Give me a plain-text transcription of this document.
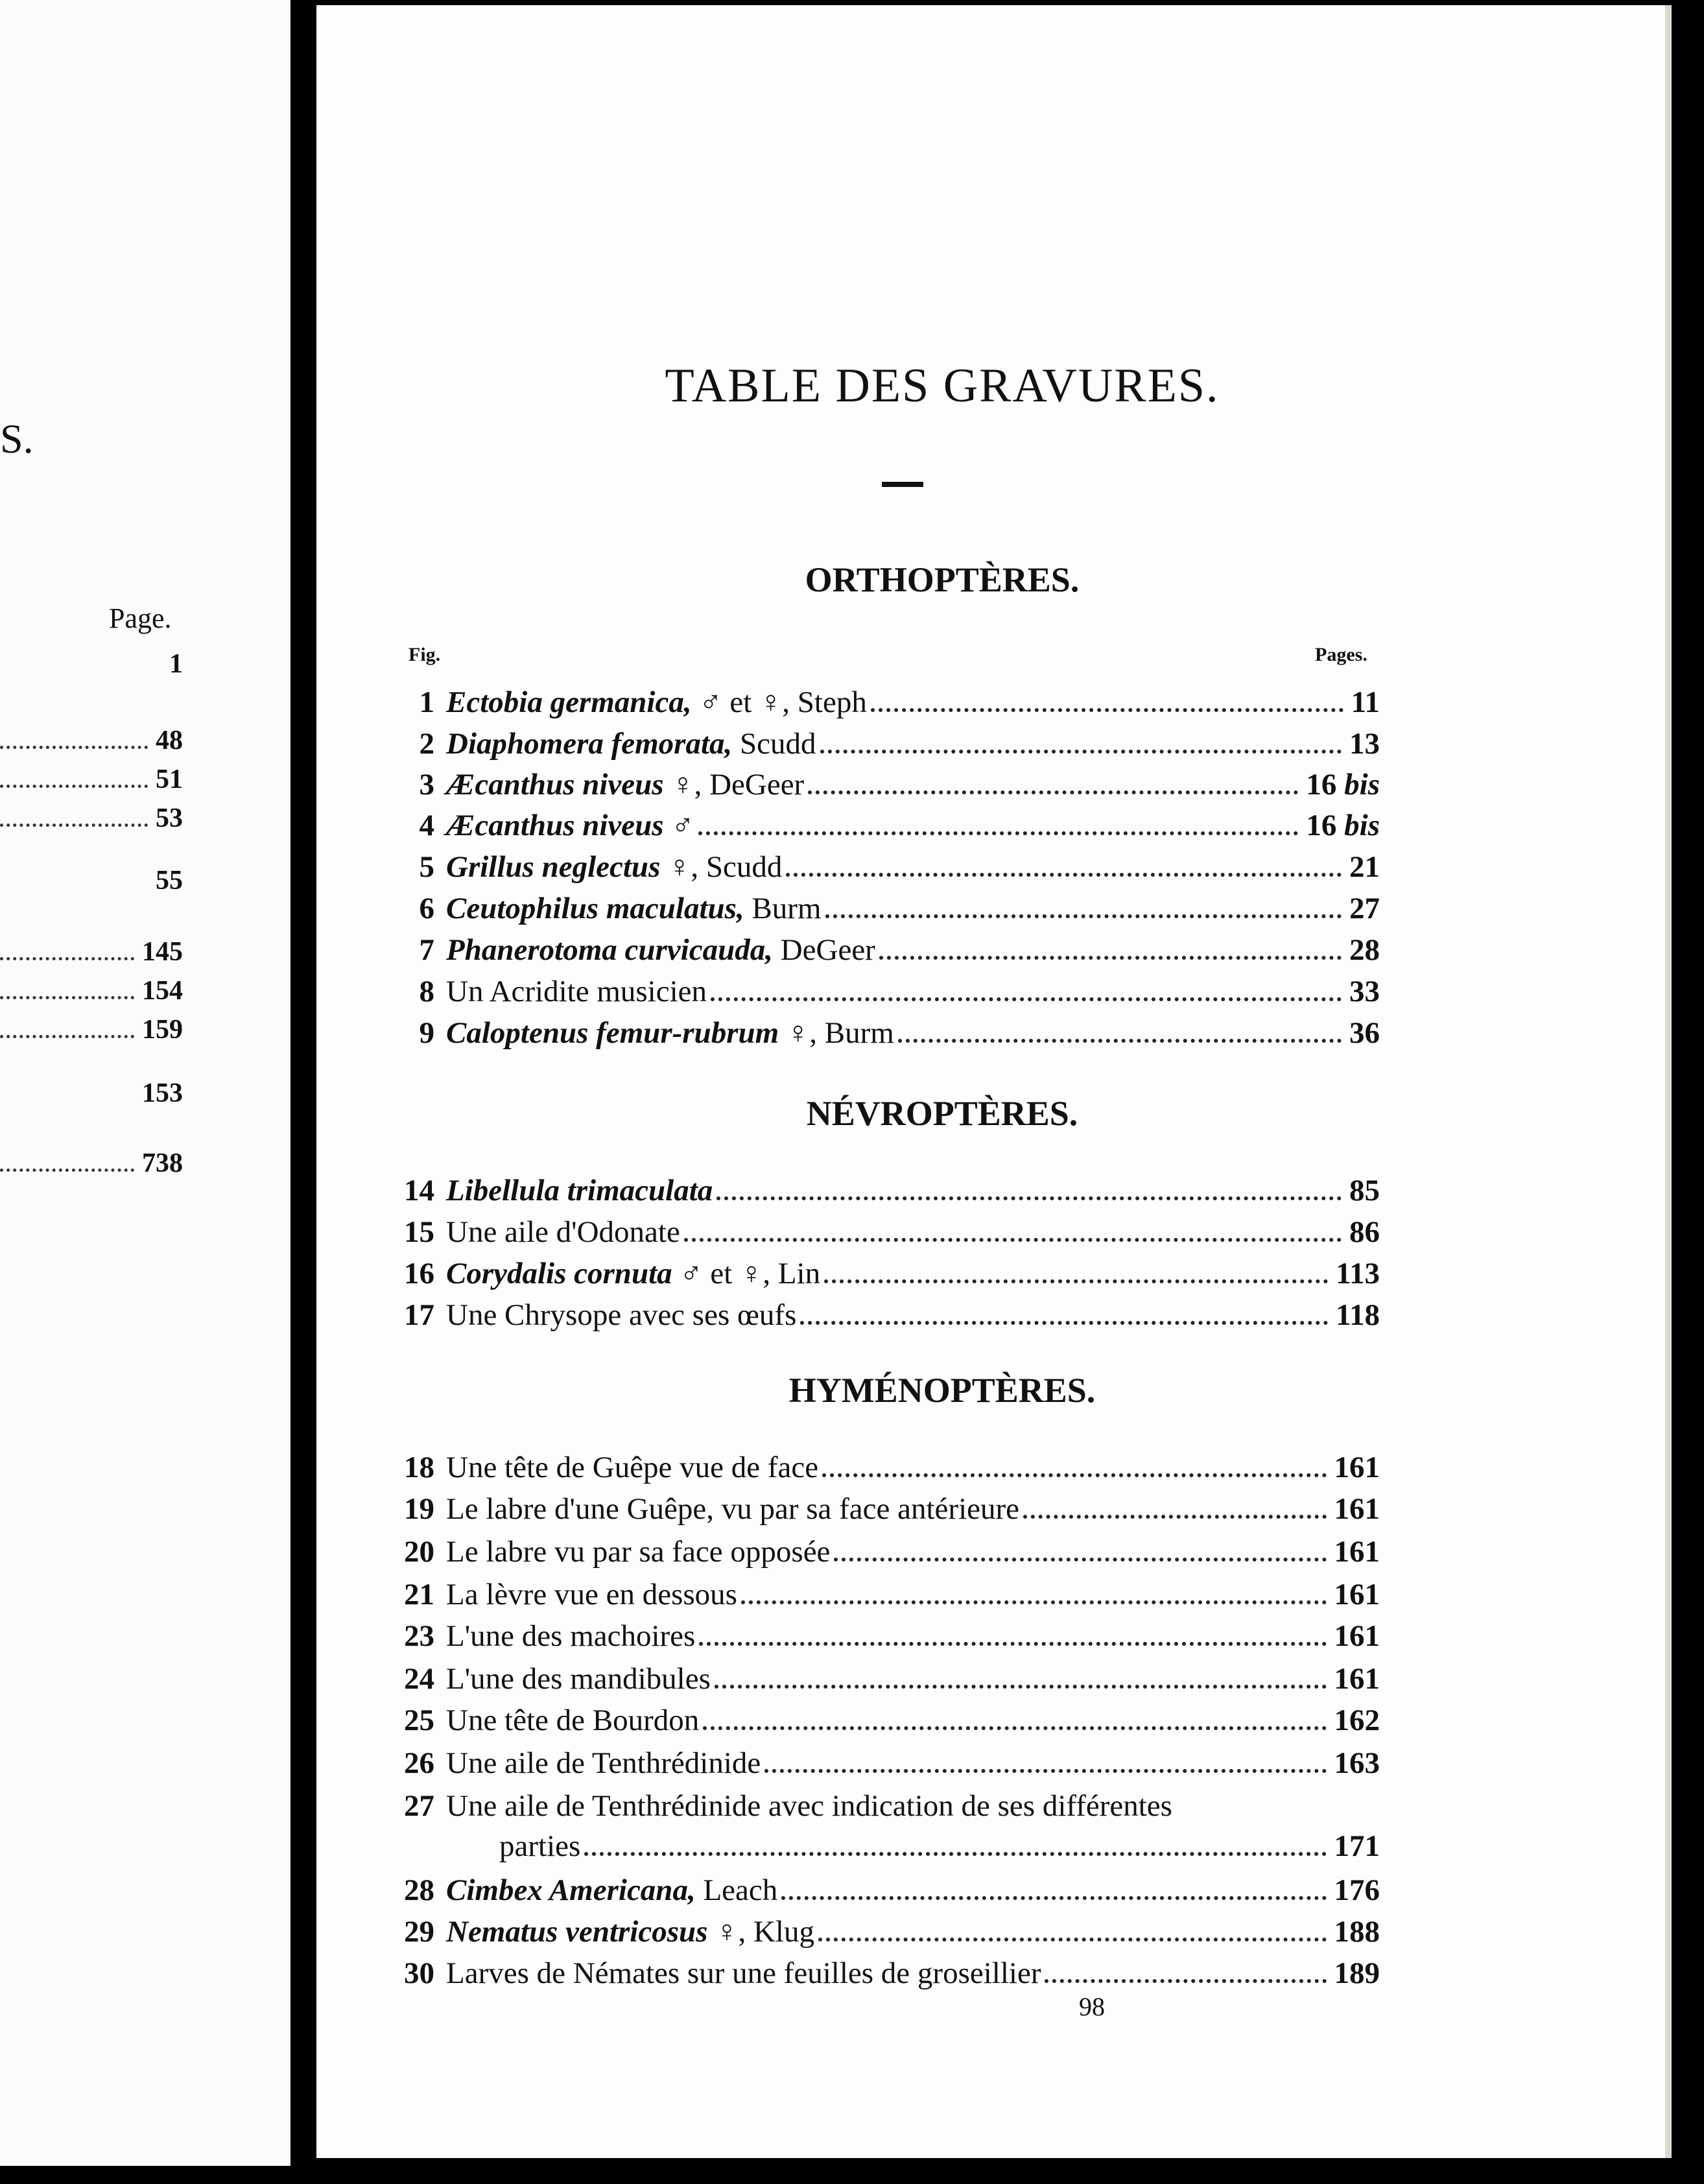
S.
Page.
1
48
51
53
55
145
154
159
153
738
TABLE DES GRAVURES.
Fig.	Pages.
ORTHOPTÈRES.
1 Ectobia germanica, ♂ et ♀, Steph	11
2 Diaphomera femorata, Scudd	13
3 Æcanthus niveus ♀, DeGeer	16 bis
4 Æcanthus niveus ♂	16 bis
5 Grillus neglectus ♀, Scudd	21
6 Ceutophilus maculatus, Burm	27
7 Phanerotoma curvicauda, DeGeer	28
8 Un Acridite musicien	33
9 Caloptenus femur-rubrum ♀, Burm	36
NÉVROPTÈRES.
14 Libellula trimaculata	85
15 Une aile d'Odonate	86
16 Corydalis cornuta ♂ et ♀, Lin	113
17 Une Chrysope avec ses œufs	118
HYMÉNOPTÈRES.
18 Une tête de Guêpe vue de face	161
19 Le labre d'une Guêpe, vu par sa face antérieure	161
20 Le labre vu par sa face opposée	161
21 La lèvre vue en dessous	161
23 L'une des machoires	161
24 L'une des mandibules	161
25 Une tête de Bourdon	162
26 Une aile de Tenthrédinide	163
27 Une aile de Tenthrédinide avec indication de ses différentes
parties	171
28 Cimbex Americana, Leach	176
29 Nematus ventricosus ♀, Klug	188
30 Larves de Némates sur une feuilles de groseillier	189
98
